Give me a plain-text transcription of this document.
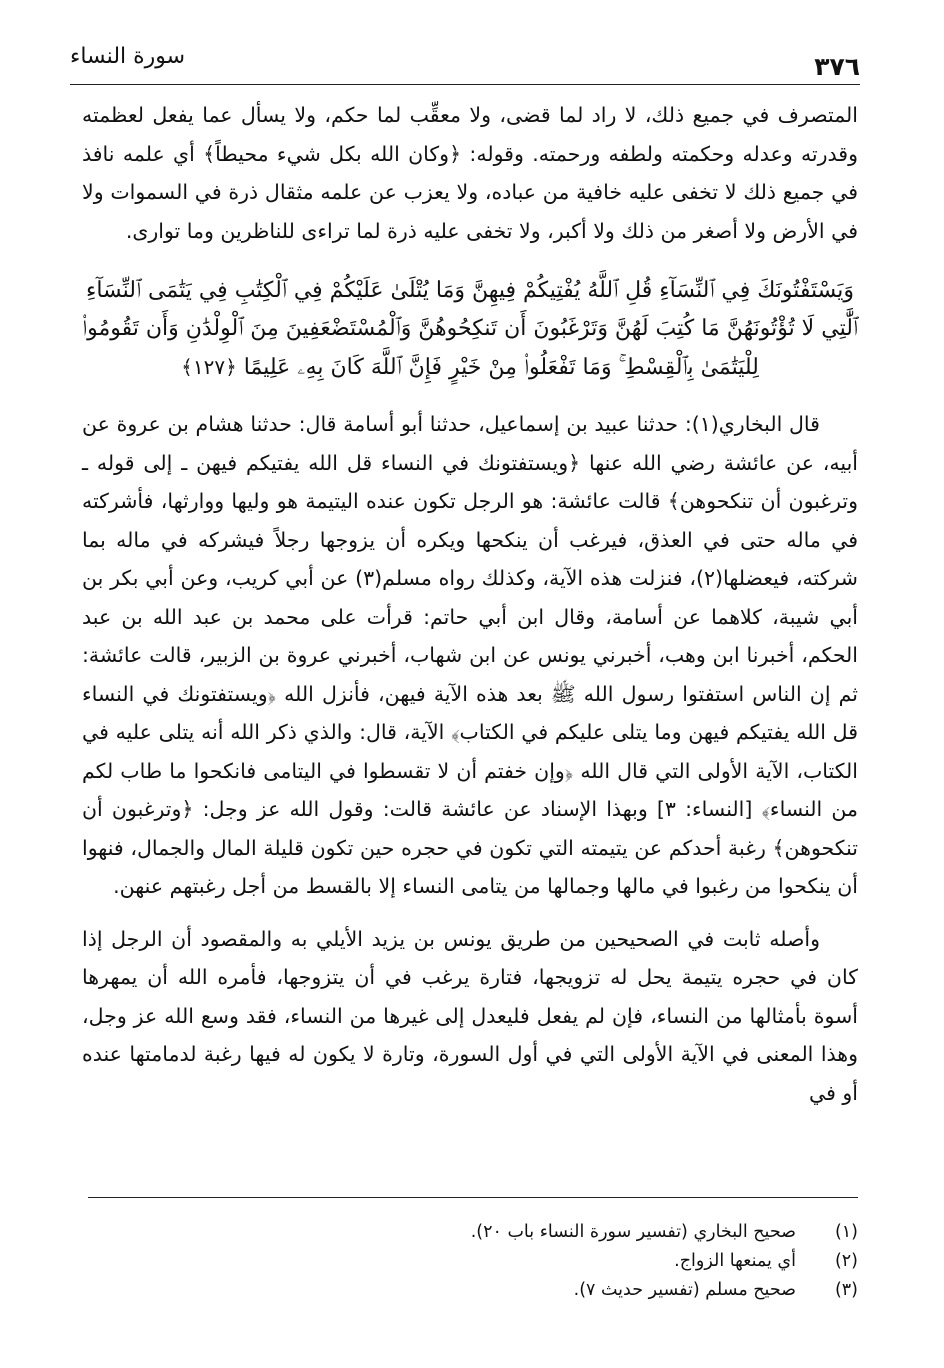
٣٧٦
سورة النساء

المتصرف في جميع ذلك، لا راد لما قضى، ولا معقِّب لما حكم، ولا يسأل عما يفعل لعظمته وقدرته وعدله وحكمته ولطفه ورحمته. وقوله: ﴿وكان الله بكل شيء محيطاً﴾ أي علمه نافذ في جميع ذلك لا تخفى عليه خافية من عباده، ولا يعزب عن علمه مثقال ذرة في السموات ولا في الأرض ولا أصغر من ذلك ولا أكبر، ولا تخفى عليه ذرة لما تراءى للناظرين وما توارى.

وَيَسْتَفْتُونَكَ فِي ٱلنِّسَآءِ قُلِ ٱللَّهُ يُفْتِيكُمْ فِيهِنَّ وَمَا يُتْلَىٰ عَلَيْكُمْ فِي ٱلْكِتَٰبِ فِي يَتَٰمَى ٱلنِّسَآءِ ٱلَّٰتِي لَا تُؤْتُونَهُنَّ مَا كُتِبَ لَهُنَّ وَتَرْغَبُونَ أَن تَنكِحُوهُنَّ وَٱلْمُسْتَضْعَفِينَ مِنَ ٱلْوِلْدَٰنِ وَأَن تَقُومُوا۟ لِلْيَتَٰمَىٰ بِٱلْقِسْطِ ۚ وَمَا تَفْعَلُوا۟ مِنْ خَيْرٍ فَإِنَّ ٱللَّهَ كَانَ بِهِۦ عَلِيمًا ﴿١٢٧﴾

قال البخاري(١): حدثنا عبيد بن إسماعيل، حدثنا أبو أسامة قال: حدثنا هشام بن عروة عن أبيه، عن عائشة رضي الله عنها ﴿ويستفتونك في النساء قل الله يفتيكم فيهن ـ إلى قوله ـ وترغبون أن تنكحوهن﴾ قالت عائشة: هو الرجل تكون عنده اليتيمة هو وليها ووارثها، فأشركته في ماله حتى في العذق، فيرغب أن ينكحها ويكره أن يزوجها رجلاً فيشركه في ماله بما شركته، فيعضلها(٢)، فنزلت هذه الآية، وكذلك رواه مسلم(٣) عن أبي كريب، وعن أبي بكر بن أبي شيبة، كلاهما عن أسامة، وقال ابن أبي حاتم: قرأت على محمد بن عبد الله بن عبد الحكم، أخبرنا ابن وهب، أخبرني يونس عن ابن شهاب، أخبرني عروة بن الزبير، قالت عائشة: ثم إن الناس استفتوا رسول الله ﷺ بعد هذه الآية فيهن، فأنزل الله ﴿ويستفتونك في النساء قل الله يفتيكم فيهن وما يتلى عليكم في الكتاب﴾ الآية، قال: والذي ذكر الله أنه يتلى عليه في الكتاب، الآية الأولى التي قال الله ﴿وإن خفتم أن لا تقسطوا في اليتامى فانكحوا ما طاب لكم من النساء﴾ [النساء: ٣] وبهذا الإسناد عن عائشة قالت: وقول الله عز وجل: ﴿وترغبون أن تنكحوهن﴾ رغبة أحدكم عن يتيمته التي تكون في حجره حين تكون قليلة المال والجمال، فنهوا أن ينكحوا من رغبوا في مالها وجمالها من يتامى النساء إلا بالقسط من أجل رغبتهم عنهن.

وأصله ثابت في الصحيحين من طريق يونس بن يزيد الأيلي به والمقصود أن الرجل إذا كان في حجره يتيمة يحل له تزويجها، فتارة يرغب في أن يتزوجها، فأمره الله أن يمهرها أسوة بأمثالها من النساء، فإن لم يفعل فليعدل إلى غيرها من النساء، فقد وسع الله عز وجل، وهذا المعنى في الآية الأولى التي في أول السورة، وتارة لا يكون له فيها رغبة لدمامتها عنده أو في

(١)
صحيح البخاري (تفسير سورة النساء باب ٢٠).
(٢)
أي يمنعها الزواج.
(٣)
صحيح مسلم (تفسير حديث ٧).
